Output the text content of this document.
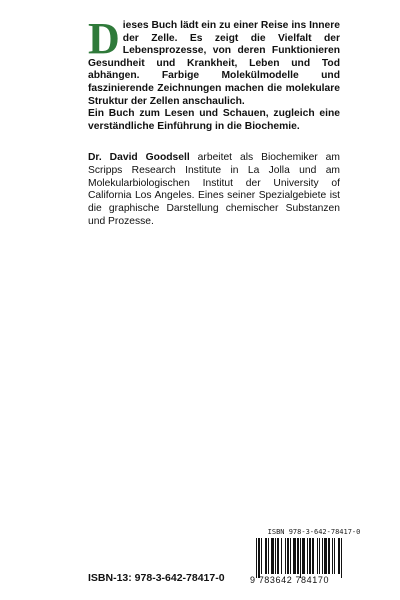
Dieses Buch lädt ein zu einer Reise ins Innere der Zelle. Es zeigt die Vielfalt der Lebensprozesse, von deren Funktionieren Gesundheit und Krankheit, Leben und Tod abhängen. Farbige Molekülmodelle und faszinierende Zeichnungen machen die molekulare Struktur der Zellen anschaulich.

Ein Buch zum Lesen und Schauen, zugleich eine verständliche Einführung in die Biochemie.

Dr. David Goodsell arbeitet als Biochemiker am Scripps Research Institute in La Jolla und am Molekularbiologischen Institut der University of California Los Angeles. Eines seiner Spezialgebiete ist die graphische Darstellung chemischer Substanzen und Prozesse.

ISBN-13: 978-3-642-78417-0
ISBN 978-3-642-78417-0
9 783642 784170
